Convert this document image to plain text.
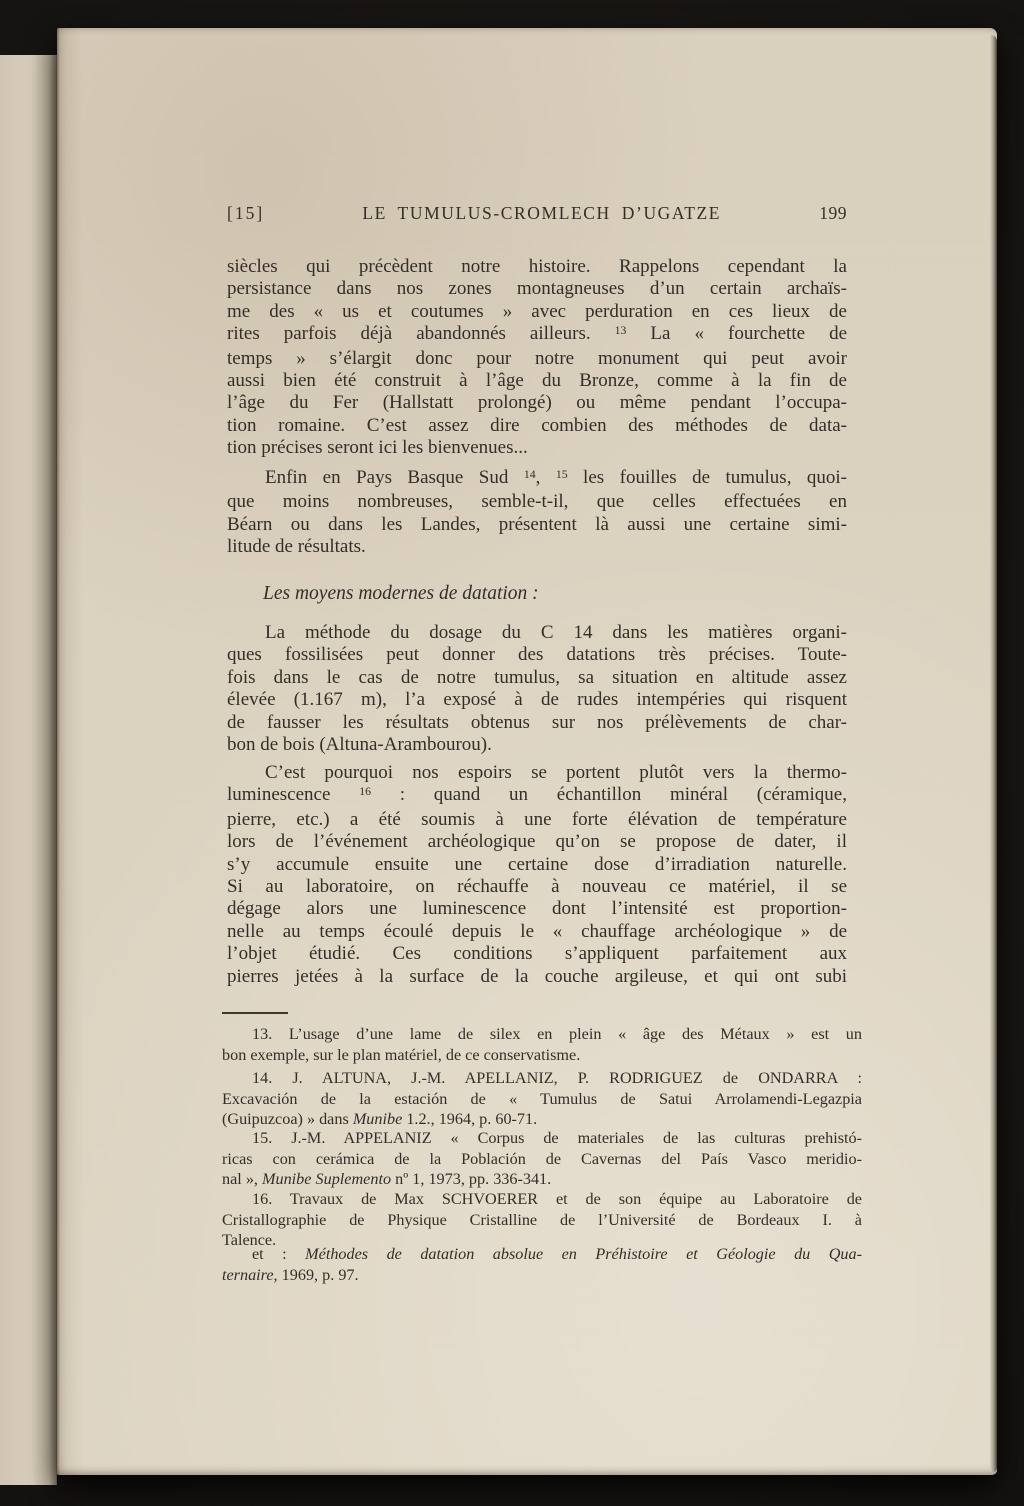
[15]	LE TUMULUS-CROMLECH D’UGATZE	199
siècles qui précèdent notre histoire. Rappelons cependant la
persistance dans nos zones montagneuses d’un certain archaïs-
me des « us et coutumes » avec perduration en ces lieux de
rites parfois déjà abandonnés ailleurs. $^{13}$ La « fourchette de
temps » s’élargit donc pour notre monument qui peut avoir
aussi bien été construit à l’âge du Bronze, comme à la fin de
l’âge du Fer (Hallstatt prolongé) ou même pendant l’occupa-
tion romaine. C’est assez dire combien des méthodes de data-
tion précises seront ici les bienvenues...
Enfin en Pays Basque Sud $^{14}$, $^{15}$ les fouilles de tumulus, quoi-
que moins nombreuses, semble-t-il, que celles effectuées en
Béarn ou dans les Landes, présentent là aussi une certaine simi-
litude de résultats.
Les moyens modernes de datation :
La méthode du dosage du C 14 dans les matières organi-
ques fossilisées peut donner des datations très précises. Toute-
fois dans le cas de notre tumulus, sa situation en altitude assez
élevée (1.167 m), l’a exposé à de rudes intempéries qui risquent
de fausser les résultats obtenus sur nos prélèvements de char-
bon de bois (Altuna-Arambourou).
C’est pourquoi nos espoirs se portent plutôt vers la thermo-
luminescence $^{16}$ : quand un échantillon minéral (céramique,
pierre, etc.) a été soumis à une forte élévation de température
lors de l’événement archéologique qu’on se propose de dater, il
s’y accumule ensuite une certaine dose d’irradiation naturelle.
Si au laboratoire, on réchauffe à nouveau ce matériel, il se
dégage alors une luminescence dont l’intensité est proportion-
nelle au temps écoulé depuis le « chauffage archéologique » de
l’objet étudié. Ces conditions s’appliquent parfaitement aux
pierres jetées à la surface de la couche argileuse, et qui ont subi
13. L’usage d’une lame de silex en plein « âge des Métaux » est un
bon exemple, sur le plan matériel, de ce conservatisme.
14. J. ALTUNA, J.-M. APELLANIZ, P. RODRIGUEZ de ONDARRA :
Excavación de la estación de « Tumulus de Satui Arrolamendi-Legazpia
(Guipuzcoa) » dans Munibe 1.2., 1964, p. 60-71.
15. J.-M. APPELANIZ « Corpus de materiales de las culturas prehistó-
ricas con cerámica de la Población de Cavernas del País Vasco meridio-
nal », Munibe Suplemento nº 1, 1973, pp. 336-341.
16. Travaux de Max SCHVOERER et de son équipe au Laboratoire de
Cristallographie de Physique Cristalline de l’Université de Bordeaux I. à
Talence.
et : Méthodes de datation absolue en Préhistoire et Géologie du Qua-
ternaire, 1969, p. 97.
